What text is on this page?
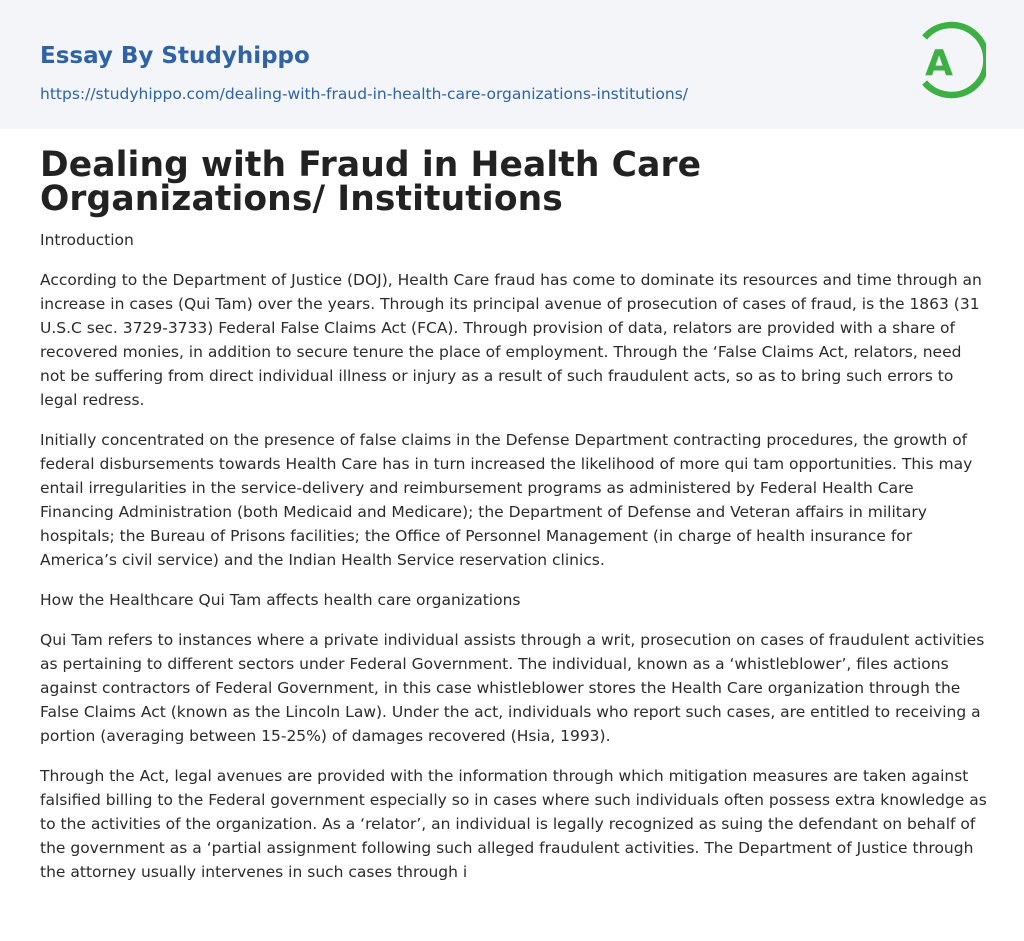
Essay By Studyhippo
https://studyhippo.com/dealing-with-fraud-in-health-care-organizations-institutions/
A
Dealing with Fraud in Health Care Organizations/ Institutions

Introduction

According to the Department of Justice (DOJ), Health Care fraud has come to dominate its resources and time through an increase in cases (Qui Tam) over the years. Through its principal avenue of prosecution of cases of fraud, is the 1863 (31 U.S.C sec. 3729-3733) Federal False Claims Act (FCA). Through provision of data, relators are provided with a share of recovered monies, in addition to secure tenure the place of employment. Through the ‘False Claims Act, relators, need not be suffering from direct individual illness or injury as a result of such fraudulent acts, so as to bring such errors to legal redress.

Initially concentrated on the presence of false claims in the Defense Department contracting procedures, the growth of federal disbursements towards Health Care has in turn increased the likelihood of more qui tam opportunities. This may entail irregularities in the service-delivery and reimbursement programs as administered by Federal Health Care Financing Administration (both Medicaid and Medicare); the Department of Defense and Veteran affairs in military hospitals; the Bureau of Prisons facilities; the Office of Personnel Management (in charge of health insurance for America’s civil service) and the Indian Health Service reservation clinics.

How the Healthcare Qui Tam affects health care organizations

Qui Tam refers to instances where a private individual assists through a writ, prosecution on cases of fraudulent activities as pertaining to different sectors under Federal Government. The individual, known as a ‘whistleblower’, files actions against contractors of Federal Government, in this case whistleblower stores the Health Care organization through the False Claims Act (known as the Lincoln Law). Under the act, individuals who report such cases, are entitled to receiving a portion (averaging between 15-25%) of damages recovered (Hsia, 1993).

Through the Act, legal avenues are provided with the information through which mitigation measures are taken against falsified billing to the Federal government especially so in cases where such individuals often possess extra knowledge as to the activities of the organization. As a ‘relator’, an individual is legally recognized as suing the defendant on behalf of the government as a ‘partial assignment following such alleged fraudulent activities. The Department of Justice through the attorney usually intervenes in such cases through i
